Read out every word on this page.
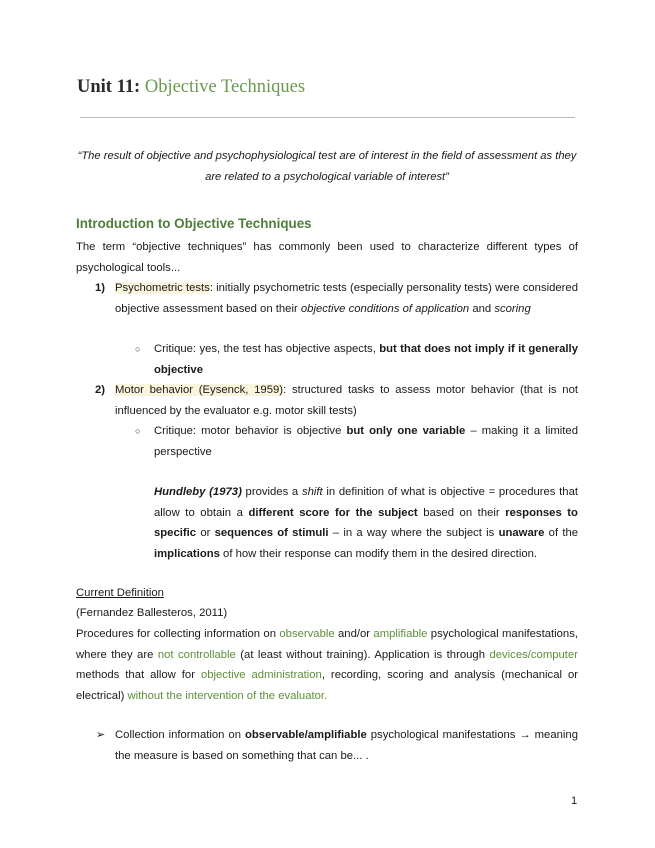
Unit 11: Objective Techniques
“The result of objective and psychophysiological test are of interest in the field of assessment as they are related to a psychological variable of interest”
Introduction to Objective Techniques
The term “objective techniques” has commonly been used to characterize different types of psychological tools...
1) Psychometric tests: initially psychometric tests (especially personality tests) were considered objective assessment based on their objective conditions of application and scoring
○ Critique: yes, the test has objective aspects, but that does not imply if it generally objective
2) Motor behavior (Eysenck, 1959): structured tasks to assess motor behavior (that is not influenced by the evaluator e.g. motor skill tests)
○ Critique: motor behavior is objective but only one variable – making it a limited perspective
Hundleby (1973) provides a shift in definition of what is objective = procedures that allow to obtain a different score for the subject based on their responses to specific or sequences of stimuli – in a way where the subject is unaware of the implications of how their response can modify them in the desired direction.
Current Definition
(Fernandez Ballesteros, 2011)
Procedures for collecting information on observable and/or amplifiable psychological manifestations, where they are not controllable (at least without training). Application is through devices/computer methods that allow for objective administration, recording, scoring and analysis (mechanical or electrical) without the intervention of the evaluator.
➢ Collection information on observable/amplifiable psychological manifestations → meaning the measure is based on something that can be... .
1
